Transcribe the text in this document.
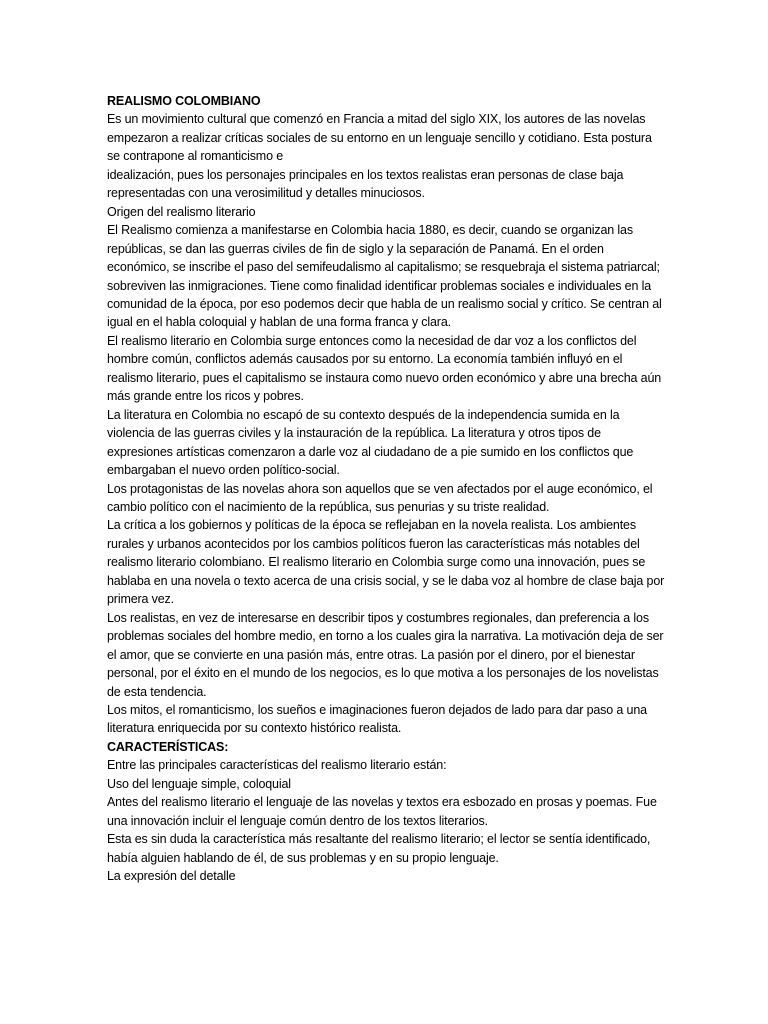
REALISMO COLOMBIANO

Es un movimiento cultural que comenzó en Francia a mitad del siglo XIX, los autores de las novelas empezaron a realizar críticas sociales de su entorno en un lenguaje sencillo y cotidiano. Esta postura se contrapone al romanticismo e

idealización, pues los personajes principales en los textos realistas eran personas de clase baja representadas con una verosimilitud y detalles minuciosos.

Origen del realismo literario

El Realismo comienza a manifestarse en Colombia hacia 1880, es decir, cuando se organizan las repúblicas, se dan las guerras civiles de fin de siglo y la separación de Panamá. En el orden económico, se inscribe el paso del semifeudalismo al capitalismo; se resquebraja el sistema patriarcal; sobreviven las inmigraciones. Tiene como finalidad identificar problemas sociales e individuales en la comunidad de la época, por eso podemos decir que habla de un realismo social y crítico. Se centran al igual en el habla coloquial y hablan de una forma franca y clara.

El realismo literario en Colombia surge entonces como la necesidad de dar voz a los conflictos del hombre común, conflictos además causados por su entorno. La economía también influyó en el realismo literario, pues el capitalismo se instaura como nuevo orden económico y abre una brecha aún más grande entre los ricos y pobres.

La literatura en Colombia no escapó de su contexto después de la independencia sumida en la violencia de las guerras civiles y la instauración de la república. La literatura y otros tipos de expresiones artísticas comenzaron a darle voz al ciudadano de a pie sumido en los conflictos que embargaban el nuevo orden político-social.

Los protagonistas de las novelas ahora son aquellos que se ven afectados por el auge económico, el cambio político con el nacimiento de la república, sus penurias y su triste realidad.

La crítica a los gobiernos y políticas de la época se reflejaban en la novela realista. Los ambientes rurales y urbanos acontecidos por los cambios políticos fueron las características más notables del realismo literario colombiano. El realismo literario en Colombia surge como una innovación, pues se hablaba en una novela o texto acerca de una crisis social, y se le daba voz al hombre de clase baja por primera vez.

Los realistas, en vez de interesarse en describir tipos y costumbres regionales, dan preferencia a los problemas sociales del hombre medio, en torno a los cuales gira la narrativa. La motivación deja de ser el amor, que se convierte en una pasión más, entre otras. La pasión por el dinero, por el bienestar personal, por el éxito en el mundo de los negocios, es lo que motiva a los personajes de los novelistas de esta tendencia.

Los mitos, el romanticismo, los sueños e imaginaciones fueron dejados de lado para dar paso a una literatura enriquecida por su contexto histórico realista.

CARACTERÍSTICAS:

Entre las principales características del realismo literario están:

Uso del lenguaje simple, coloquial

Antes del realismo literario el lenguaje de las novelas y textos era esbozado en prosas y poemas. Fue una innovación incluir el lenguaje común dentro de los textos literarios.

Esta es sin duda la característica más resaltante del realismo literario; el lector se sentía identificado, había alguien hablando de él, de sus problemas y en su propio lenguaje.

La expresión del detalle
